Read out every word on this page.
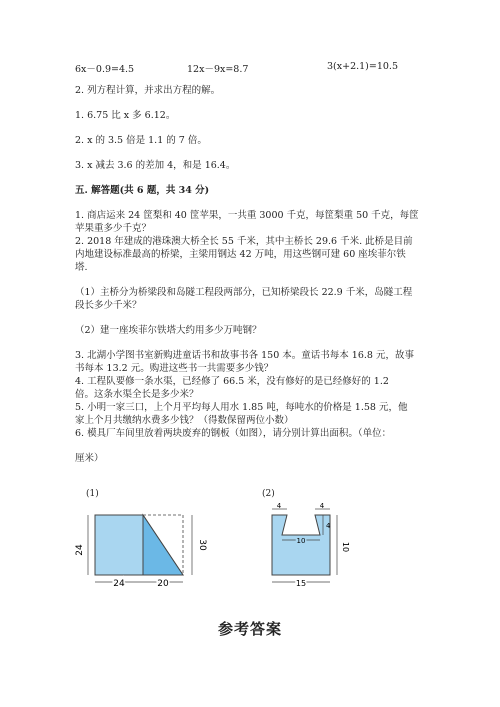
6x－0.9=4.5	12x－9x=8.7	3(x+2.1)=10.5
2. 列方程计算，并求出方程的解。
1. 6.75 比 x 多 6.12。
2. x 的 3.5 倍是 1.1 的 7 倍。
3. x 减去 3.6 的差加 4，和是 16.4。
五. 解答题(共 6 题，共 34 分)
1. 商店运来 24 筐梨和 40 筐苹果，一共重 3000 千克，每筐梨重 50 千克，每筐
苹果重多少千克？
2. 2018 年建成的港珠澳大桥全长 55 千米，其中主桥长 29.6 千米. 此桥是目前
内地建设标准最高的桥梁，主梁用钢达 42 万吨，用这些钢可建 60 座埃菲尔铁
塔.
（1）主桥分为桥梁段和岛隧工程段两部分，已知桥梁段长 22.9 千米，岛隧工程
段长多少千米？
（2）建一座埃菲尔铁塔大约用多少万吨钢？
3. 北湖小学图书室新购进童话书和故事书各 150 本。童话书每本 16.8 元，故事
书每本 13.2 元。购进这些书一共需要多少钱？
4. 工程队要修一条水渠，已经修了 66.5 米，没有修好的是已经修好的 1.2
倍。这条水渠全长是多少米？
5. 小明一家三口，上个月平均每人用水 1.85 吨，每吨水的价格是 1.58 元，他
家上个月共缴纳水费多少钱？（得数保留两位小数）
6. 模具厂车间里放着两块废弃的钢板（如图），请分别计算出面积。（单位：
厘米）
(1)
24	30
24	20
(2)
4	4
4
10
10
15
参考答案
